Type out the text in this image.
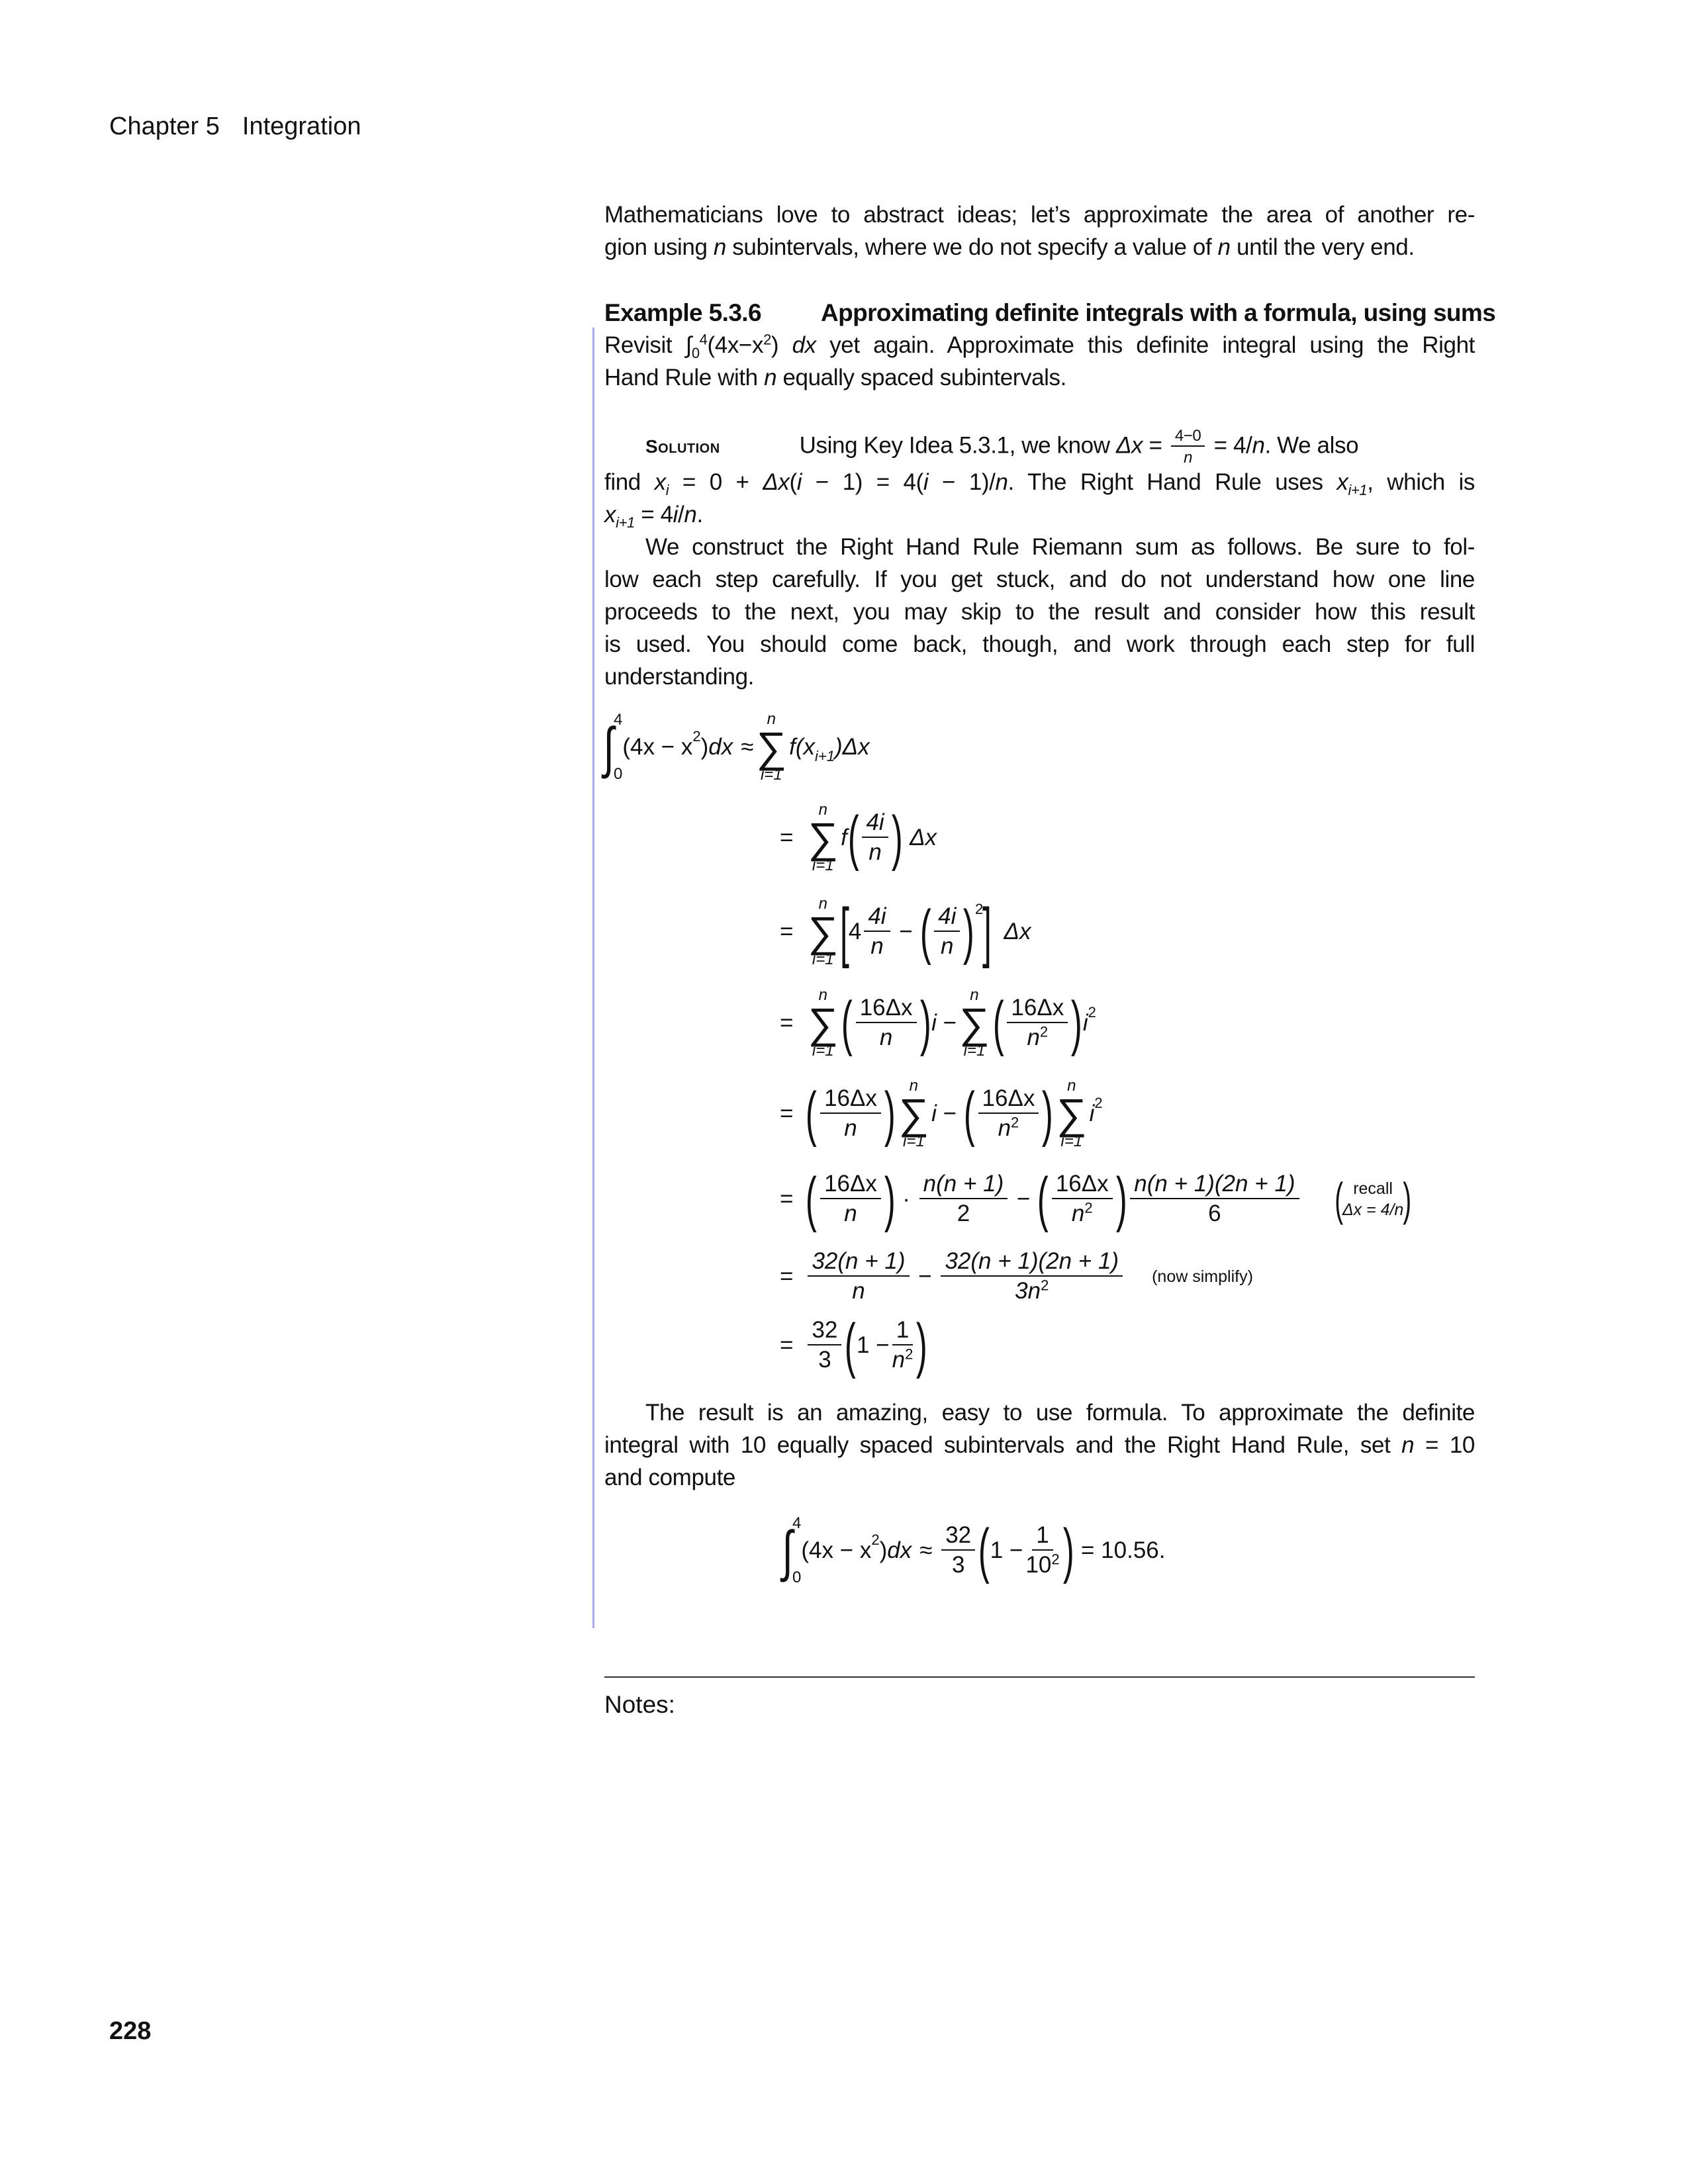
Chapter 5 Integration
Mathematicians love to abstract ideas; let’s approximate the area of another re-
gion using n subintervals, where we do not specify a value of n until the very end.
Example 5.3.6 Approximating definite integrals with a formula, using sums
Revisit $\int_0^4(4x-x^2)$ dx yet again. Approximate this definite integral using the Right
Hand Rule with n equally spaced subintervals.
Solution	Using Key Idea 5.3.1, we know $\Delta x = \frac{4-0}{n} = 4/n$. We also
find $x_i = 0 + \Delta x(i - 1) = 4(i - 1)/n$. The Right Hand Rule uses $x_{i+1}$, which is
$x_{i+1} = 4i/n$.
We construct the Right Hand Rule Riemann sum as follows. Be sure to fol-
low each step carefully. If you get stuck, and do not understand how one line
proceeds to the next, you may skip to the result and consider how this result
is used. You should come back, though, and work through each step for full
understanding.
∫ 4
0
($4x - x^2$ ) dx ≈
n
∑
i=1
$f(x_{i+1}$ )Δx
=
n
∑
i=1
f ( $\frac{4i}{n}$ )
Δx
=
n
∑
i=1 [
$4 \frac{4i}{n}$
−
( $\frac{4i}{n} )^2$
]
Δx
=
n
∑
i=1 ( $\frac{16\Delta x}{n}$ ) i
−
n
∑
i=1 ( $\frac{16\Delta x}{n^2}$ ) $i^2$
= ( $\frac{16\Delta x}{n}$ ) n
∑
i=1
i
−
( $\frac{16\Delta x}{n^2}$ ) n
∑
i=1
$i^2$
= ( $\frac{16\Delta x}{n}$ )
·
$\frac{n(n + 1)}{2}$
−
( $\frac{16\Delta x}{n^2}$ ) $\frac{n(n + 1)(2n + 1)}{6}$ ( recall
Δx = 4/n )
= $\frac{32(n + 1)}{n}$
−
$\frac{32(n + 1)(2n + 1)}{3n^2} (now$ simplify)
= $\frac{32}{3}$ ( $1 - \frac{1}{n^2}$ )
The result is an amazing, easy to use formula. To approximate the definite
integral with 10 equally spaced subintervals and the Right Hand Rule, set n = 10
and compute
∫ 4
0
($4x - x^2$ ) dx ≈
$\frac{32}{3}$ ( $1 - \frac{1}{10^2}$ )
= 10.56.
Notes:
228
